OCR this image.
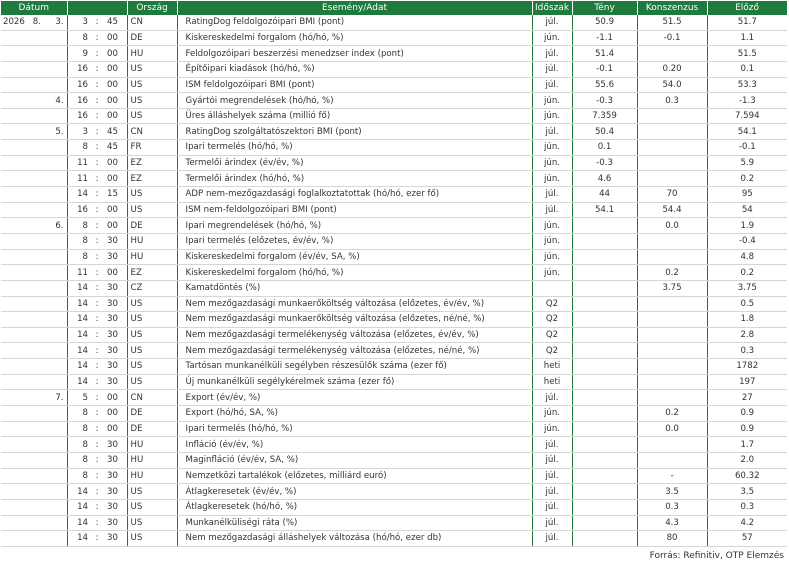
Dátum						Ország	Esemény/Adat	Időszak	Tény	Konszenzus	Előző
2026	8.	3.	3	:	45	CN	RatingDog feldolgozóipari BMI (pont)	júl.	50.9	51.5	51.7
			8	:	00	DE	Kiskereskedelmi forgalom (hó/hó, %)	jún.	-1.1	-0.1	1.1
			9	:	00	HU	Feldolgozóipari beszerzési menedzser index (pont)	júl.	51.4		51.5
			16	:	00	US	Építőipari kiadások (hó/hó, %)	júl.	-0.1	0.20	0.1
			16	:	00	US	ISM feldolgozóipari BMI (pont)	júl.	55.6	54.0	53.3
		4.	16	:	00	US	Gyártói megrendelések (hó/hó, %)	jún.	-0.3	0.3	-1.3
			16	:	00	US	Üres álláshelyek száma (millió fő)	jún.	7.359		7.594
		5.	3	:	45	CN	RatingDog szolgáltatószektori BMI (pont)	júl.	50.4		54.1
			8	:	45	FR	Ipari termelés (hó/hó, %)	jún.	0.1		-0.1
			11	:	00	EZ	Termelői árindex (év/év, %)	jún.	-0.3		5.9
			11	:	00	EZ	Termelői árindex (hó/hó, %)	jún.	4.6		0.2
			14	:	15	US	ADP nem-mezőgazdasági foglalkoztatottak (hó/hó, ezer fő)	júl.	44	70	95
			16	:	00	US	ISM nem-feldolgozóipari BMI (pont)	júl.	54.1	54.4	54
		6.	8	:	00	DE	Ipari megrendelések (hó/hó, %)	jún.		0.0	1.9
			8	:	30	HU	Ipari termelés (előzetes, év/év, %)	jún.			-0.4
			8	:	30	HU	Kiskereskedelmi forgalom (év/év, SA, %)	jún.			4.8
			11	:	00	EZ	Kiskereskedelmi forgalom (hó/hó, %)	jún.		0.2	0.2
			14	:	30	CZ	Kamatdöntés (%)			3.75	3.75
			14	:	30	US	Nem mezőgazdasági munkaerőköltség változása (előzetes, év/év, %)	Q2			0.5
			14	:	30	US	Nem mezőgazdasági munkaerőköltség változása (előzetes, né/né, %)	Q2			1.8
			14	:	30	US	Nem mezőgazdasági termelékenység változása (előzetes, év/év, %)	Q2			2.8
			14	:	30	US	Nem mezőgazdasági termelékenység változása (előzetes, né/né, %)	Q2			0.3
			14	:	30	US	Tartósan munkanélküli segélyben részesülők száma (ezer fő)	heti			1782
			14	:	30	US	Új munkanélküli segélykérelmek száma (ezer fő)	heti			197
		7.	5	:	00	CN	Export (év/év, %)	júl.			27
			8	:	00	DE	Export (hó/hó, SA, %)	jún.		0.2	0.9
			8	:	00	DE	Ipari termelés (hó/hó, %)	jún.		0.0	0.9
			8	:	30	HU	Infláció (év/év, %)	júl.			1.7
			8	:	30	HU	Maginfláció (év/év, SA, %)	júl.			2.0
			8	:	30	HU	Nemzetközi tartalékok (előzetes, milliárd euró)	júl.		-	60.32
			14	:	30	US	Átlagkeresetek (év/év, %)	júl.		3.5	3.5
			14	:	30	US	Átlagkeresetek (hó/hó, %)	júl.		0.3	0.3
			14	:	30	US	Munkanélküliségi ráta (%)	júl.		4.3	4.2
			14	:	30	US	Nem mezőgazdasági álláshelyek változása (hó/hó, ezer db)	júl.		80	57
Forrás: Refinitiv, OTP Elemzés
